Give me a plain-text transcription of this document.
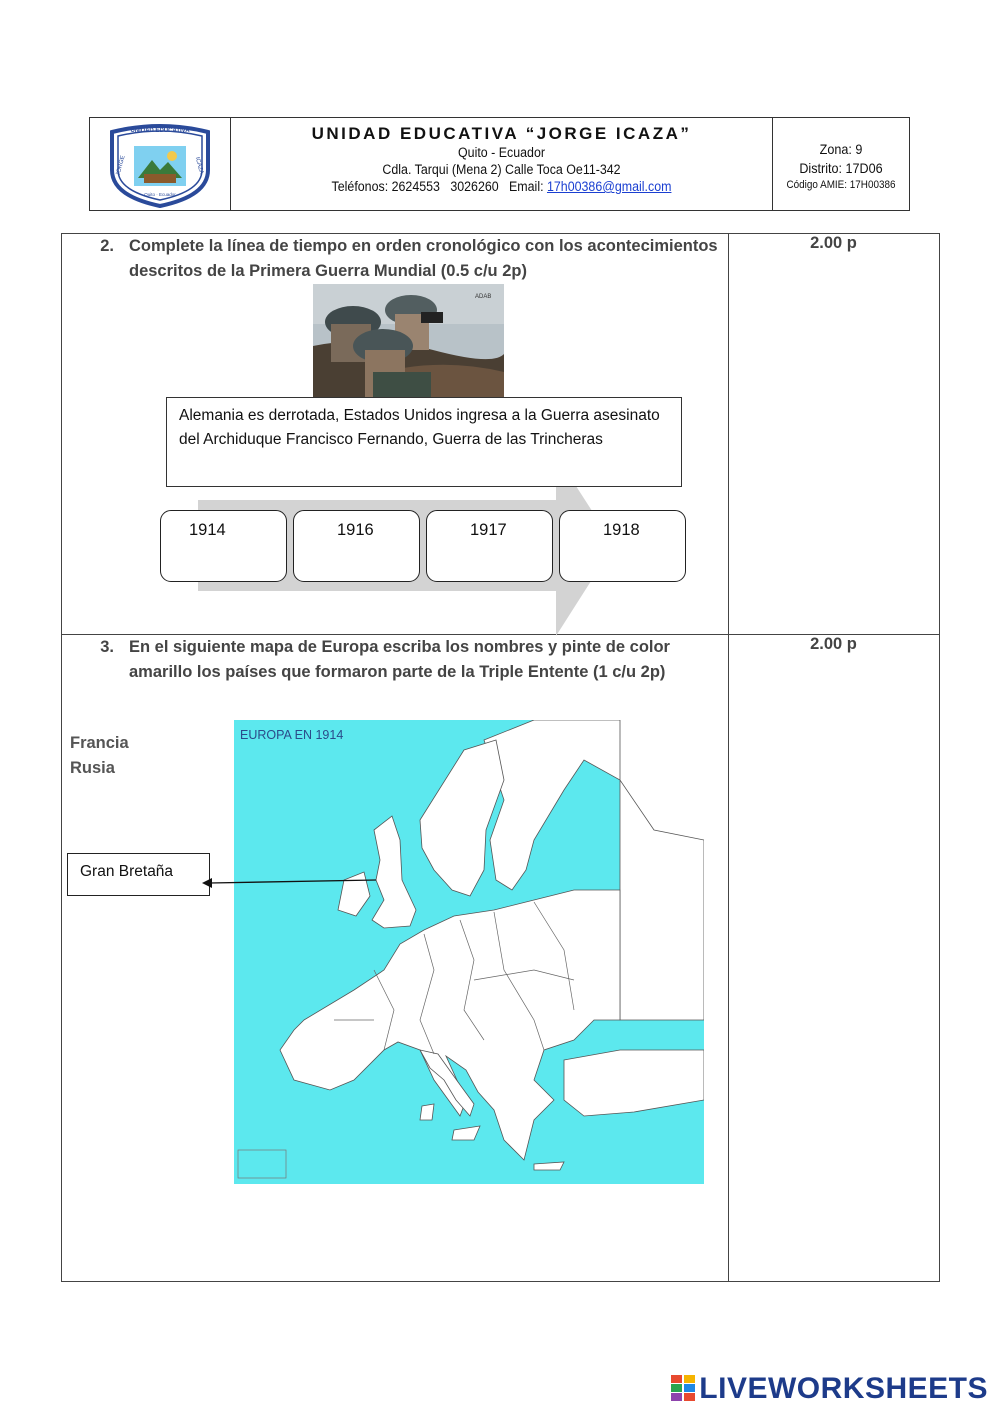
UNIDAD EDUCATIVA
JORGE	ICAZA
Quito · Ecuador
UNIDAD EDUCATIVA “JORGE ICAZA”
Quito - Ecuador
Cdla. Tarqui (Mena 2) Calle Toca Oe11-342
Teléfonos: 2624553   3026260   Email: 17h00386@gmail.com
Zona: 9
Distrito: 17D06
Código AMIE: 17H00386
2. Complete la línea de tiempo en orden cronológico con los acontecimientos descritos de la Primera Guerra Mundial (0.5 c/u 2p)
2.00 p
ADAB
Alemania es derrotada, Estados Unidos ingresa a la Guerra asesinato del Archiduque Francisco Fernando, Guerra de las Trincheras
1914	1916	1917	1918
3. En el siguiente mapa de Europa escriba los nombres y pinte de color amarillo los países que formaron parte de la Triple Entente (1 c/u 2p)
2.00 p
Francia
Rusia
EUROPA EN 1914
Gran Bretaña
LIVEWORKSHEETS
